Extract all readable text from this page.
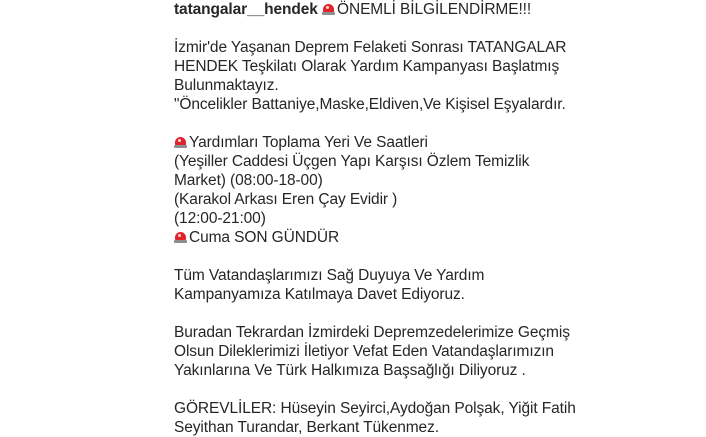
tatangalar__hendek ÖNEMLİ BİLGİLENDİRME!!!
İzmir'de Yaşanan Deprem Felaketi Sonrası TATANGALAR
HENDEK Teşkilatı Olarak Yardım Kampanyası Başlatmış
Bulunmaktayız.
"Öncelikler Battaniye,Maske,Eldiven,Ve Kişisel Eşyalardır.
Yardımları Toplama Yeri Ve Saatleri
(Yeşiller Caddesi Üçgen Yapı Karşısı Özlem Temizlik
Market) (08:00-18-00)
(Karakol Arkası Eren Çay Evidir )
(12:00-21:00)
Cuma SON GÜNDÜR
Tüm Vatandaşlarımızı Sağ Duyuya Ve Yardım
Kampanyamıza Katılmaya Davet Ediyoruz.
Buradan Tekrardan İzmirdeki Depremzedelerimize Geçmiş
Olsun Dileklerimizi İletiyor Vefat Eden Vatandaşlarımızın
Yakınlarına Ve Türk Halkımıza Başsağlığı Diliyoruz .
GÖREVLİLER: Hüseyin Seyirci,Aydoğan Polşak, Yiğit Fatih
Seyithan Turandar, Berkant Tükenmez.
